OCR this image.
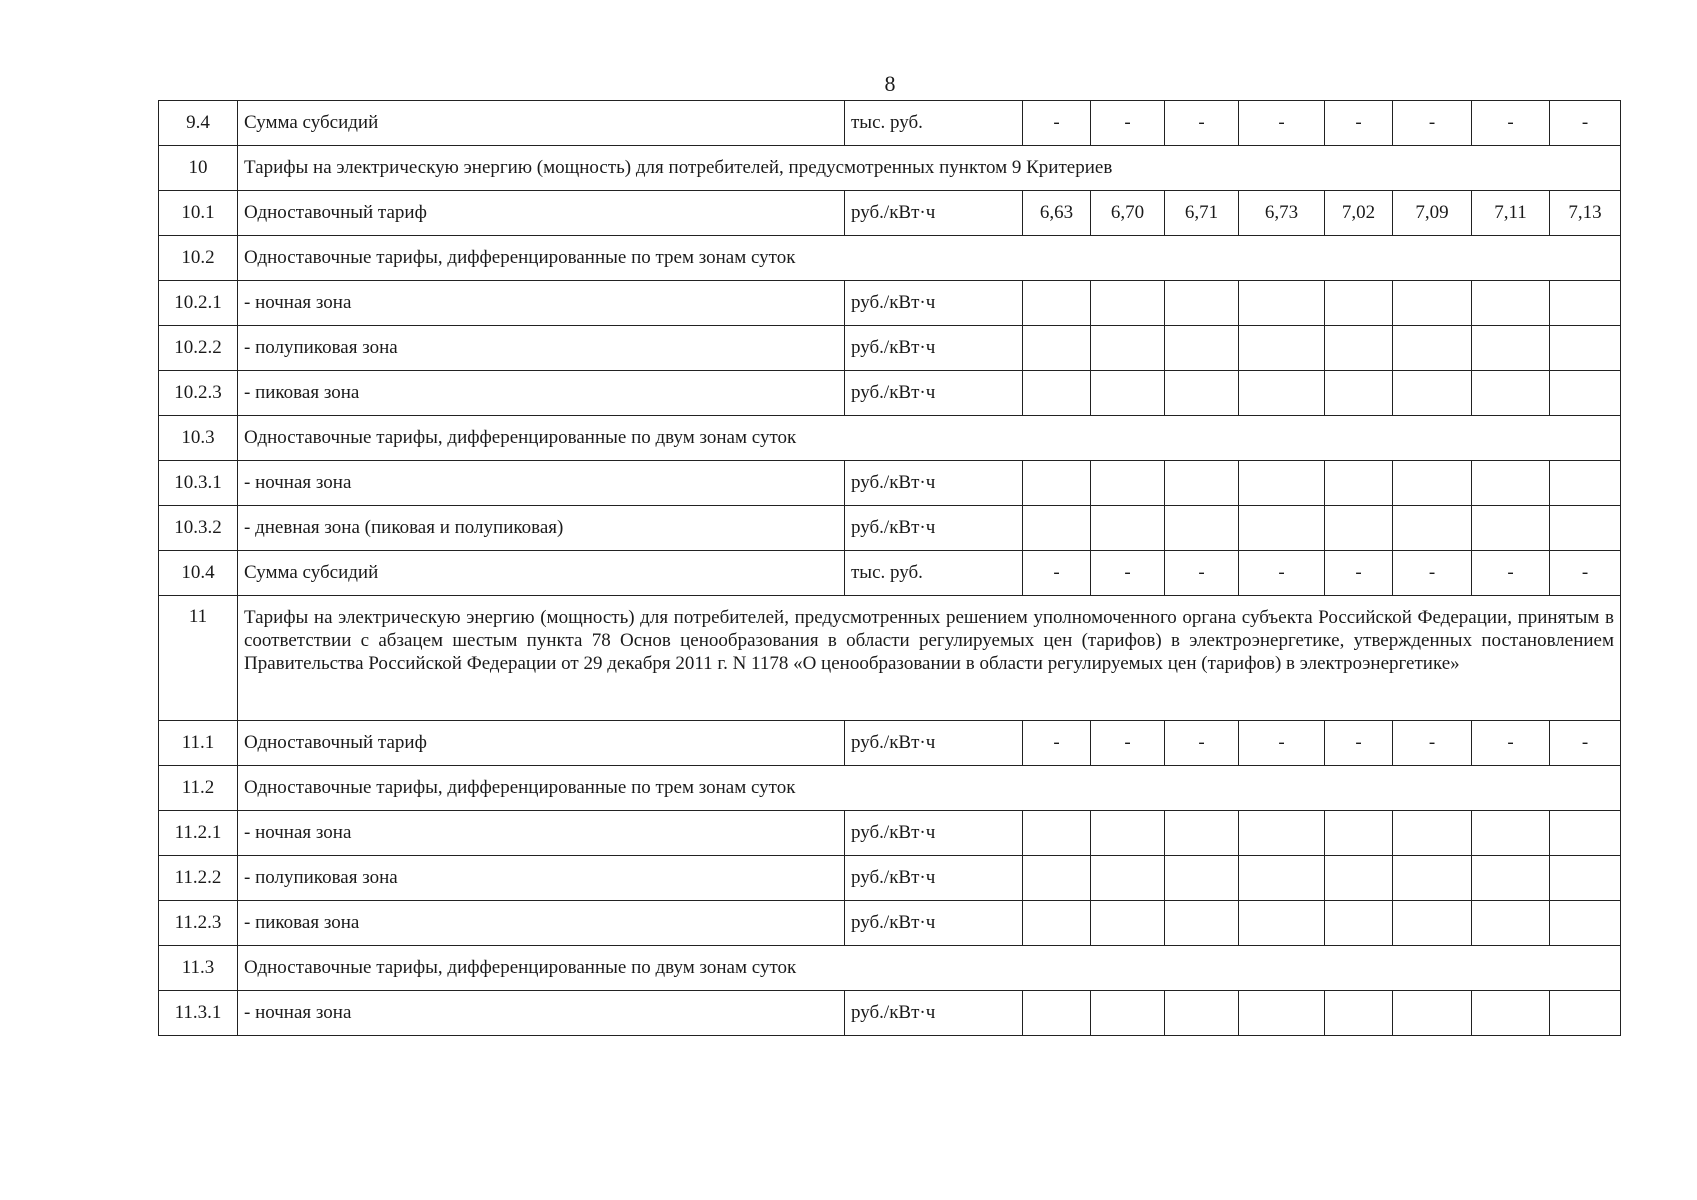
8
9.4	Сумма субсидий	тыс. руб.	-	-	-	-	-	-	-	-
10	Тарифы на электрическую энергию (мощность) для потребителей, предусмотренных пунктом 9 Критериев									
10.1	Одноставочный тариф	руб./кВт·ч	6,63	6,70	6,71	6,73	7,02	7,09	7,11	7,13
10.2	Одноставочные тарифы, дифференцированные по трем зонам суток									
10.2.1	- ночная зона	руб./кВт·ч								
10.2.2	- полупиковая зона	руб./кВт·ч								
10.2.3	- пиковая зона	руб./кВт·ч								
10.3	Одноставочные тарифы, дифференцированные по двум зонам суток									
10.3.1	- ночная зона	руб./кВт·ч								
10.3.2	- дневная зона (пиковая и полупиковая)	руб./кВт·ч								
10.4	Сумма субсидий	тыс. руб.	-	-	-	-	-	-	-	-
11	Тарифы на электрическую энергию (мощность) для потребителей, предусмотренных решением уполномоченного органа субъекта Российской Федерации, принятым в соответствии с абзацем шестым пункта 78 Основ ценообразования в области регулируемых цен (тарифов) в электроэнергетике, утвержденных постановлением Правительства Российской Федерации от 29 декабря 2011 г. N 1178 «О ценообразовании в области регулируемых цен (тарифов) в электроэнергетике»									
11.1	Одноставочный тариф	руб./кВт·ч	-	-	-	-	-	-	-	-
11.2	Одноставочные тарифы, дифференцированные по трем зонам суток									
11.2.1	- ночная зона	руб./кВт·ч								
11.2.2	- полупиковая зона	руб./кВт·ч								
11.2.3	- пиковая зона	руб./кВт·ч								
11.3	Одноставочные тарифы, дифференцированные по двум зонам суток									
11.3.1	- ночная зона	руб./кВт·ч								
